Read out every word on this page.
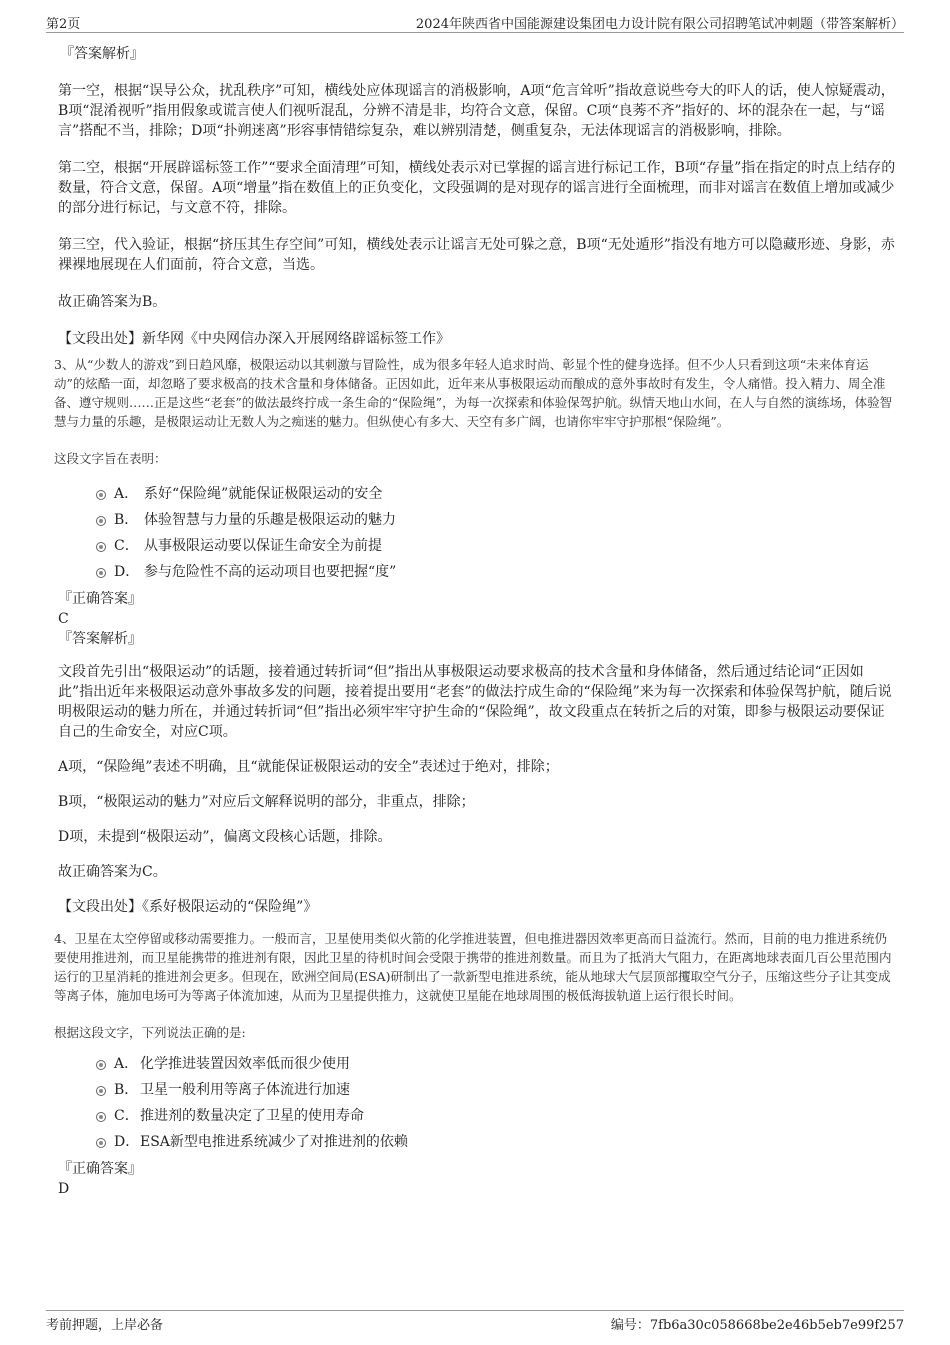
第2页	2024年陕西省中国能源建设集团电力设计院有限公司招聘笔试冲刺题（带答案解析）
『答案解析』

第一空，根据“误导公众，扰乱秩序”可知，横线处应体现谣言的消极影响，A项“危言耸听”指故意说些夸大的吓人的话，使人惊疑震动，B项“混淆视听”指用假象或谎言使人们视听混乱，分辨不清是非，均符合文意，保留。C项“良莠不齐”指好的、坏的混杂在一起，与“谣言”搭配不当，排除；D项“扑朔迷离”形容事情错综复杂，难以辨别清楚，侧重复杂，无法体现谣言的消极影响，排除。

第二空，根据“开展辟谣标签工作”“要求全面清理”可知，横线处表示对已掌握的谣言进行标记工作，B项“存量”指在指定的时点上结存的数量，符合文意，保留。A项“增量”指在数值上的正负变化，文段强调的是对现存的谣言进行全面梳理，而非对谣言在数值上增加或减少的部分进行标记，与文意不符，排除。

第三空，代入验证，根据“挤压其生存空间”可知，横线处表示让谣言无处可躲之意，B项“无处遁形”指没有地方可以隐藏形迹、身影，赤裸裸地展现在人们面前，符合文意，当选。

故正确答案为B。

【文段出处】新华网《中央网信办深入开展网络辟谣标签工作》

3、从“少数人的游戏”到日趋风靡，极限运动以其刺激与冒险性，成为很多年轻人追求时尚、彰显个性的健身选择。但不少人只看到这项“未来体育运动”的炫酷一面，却忽略了要求极高的技术含量和身体储备。正因如此，近年来从事极限运动而酿成的意外事故时有发生，令人痛惜。投入精力、周全准备、遵守规则……正是这些“老套”的做法最终拧成一条生命的“保险绳”，为每一次探索和体验保驾护航。纵情天地山水间，在人与自然的演练场，体验智慧与力量的乐趣，是极限运动让无数人为之痴迷的魅力。但纵使心有多大、天空有多广阔，也请你牢牢守护那根“保险绳”。

这段文字旨在表明：
A． 系好“保险绳”就能保证极限运动的安全
B． 体验智慧与力量的乐趣是极限运动的魅力
C． 从事极限运动要以保证生命安全为前提
D． 参与危险性不高的运动项目也要把握“度”
『正确答案』
C
『答案解析』

文段首先引出“极限运动”的话题，接着通过转折词“但”指出从事极限运动要求极高的技术含量和身体储备，然后通过结论词“正因如此”指出近年来极限运动意外事故多发的问题，接着提出要用“老套”的做法拧成生命的“保险绳”来为每一次探索和体验保驾护航，随后说明极限运动的魅力所在，并通过转折词“但”指出必须牢牢守护生命的“保险绳”，故文段重点在转折之后的对策，即参与极限运动要保证自己的生命安全，对应C项。

A项，“保险绳”表述不明确，且“就能保证极限运动的安全”表述过于绝对，排除；

B项，“极限运动的魅力”对应后文解释说明的部分，非重点，排除；

D项，未提到“极限运动”，偏离文段核心话题，排除。

故正确答案为C。

【文段出处】《系好极限运动的“保险绳”》

4、卫星在太空停留或移动需要推力。一般而言，卫星使用类似火箭的化学推进装置，但电推进器因效率更高而日益流行。然而，目前的电力推进系统仍要使用推进剂，而卫星能携带的推进剂有限，因此卫星的待机时间会受限于携带的推进剂数量。而且为了抵消大气阻力，在距离地球表面几百公里范围内运行的卫星消耗的推进剂会更多。但现在，欧洲空间局(ESA)研制出了一款新型电推进系统，能从地球大气层顶部攫取空气分子，压缩这些分子让其变成等离子体，施加电场可为等离子体流加速，从而为卫星提供推力，这就使卫星能在地球周围的极低海拔轨道上运行很长时间。

根据这段文字，下列说法正确的是:
A． 化学推进装置因效率低而很少使用
B． 卫星一般利用等离子体流进行加速
C．推进剂的数量决定了卫星的使用寿命
D．ESA新型电推进系统减少了对推进剂的依赖
『正确答案』
D
考前押题，上岸必备	编号：7fb6a30c058668be2e46b5eb7e99f257
